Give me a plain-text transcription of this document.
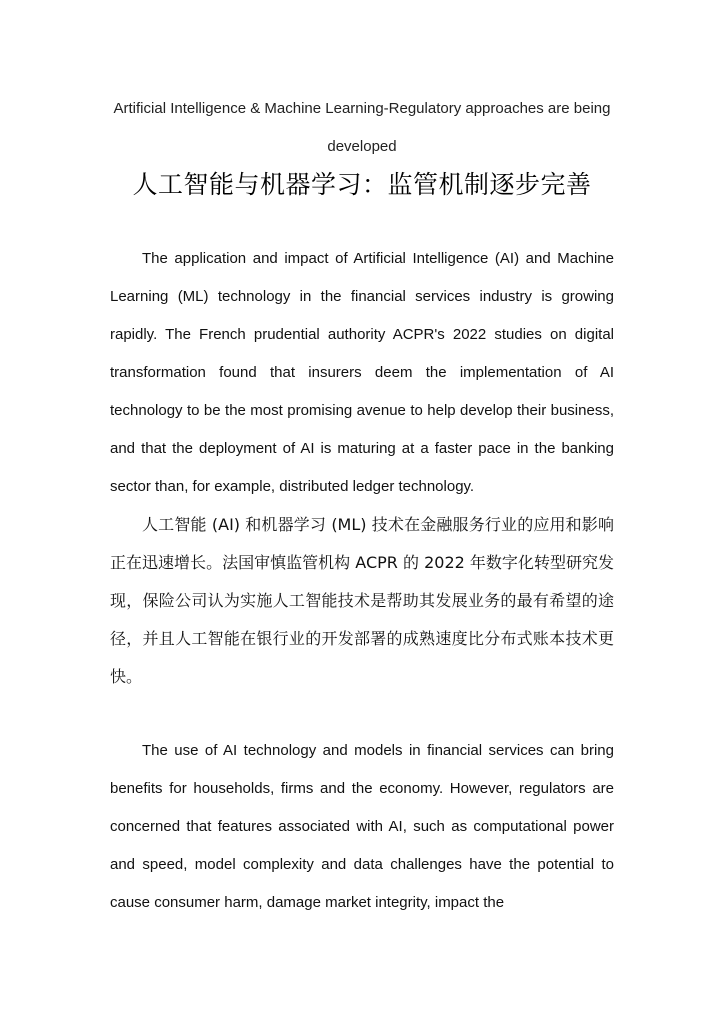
Artificial Intelligence & Machine Learning-Regulatory approaches are being developed
人工智能与机器学习：监管机制逐步完善

The application and impact of Artificial Intelligence (AI) and Machine Learning (ML) technology in the financial services industry is growing rapidly. The French prudential authority ACPR's 2022 studies on digital transformation found that insurers deem the implementation of AI technology to be the most promising avenue to help develop their business, and that the deployment of AI is maturing at a faster pace in the banking sector than, for example, distributed ledger technology.

人工智能 (AI) 和机器学习 (ML) 技术在金融服务行业的应用和影响正在迅速增长。法国审慎监管机构 ACPR 的 2022 年数字化转型研究发现，保险公司认为实施人工智能技术是帮助其发展业务的最有希望的途径，并且人工智能在银行业的开发部署的成熟速度比分布式账本技术更快。

The use of AI technology and models in financial services can bring benefits for households, firms and the economy. However, regulators are concerned that features associated with AI, such as computational power and speed, model complexity and data challenges have the potential to cause consumer harm, damage market integrity, impact the
